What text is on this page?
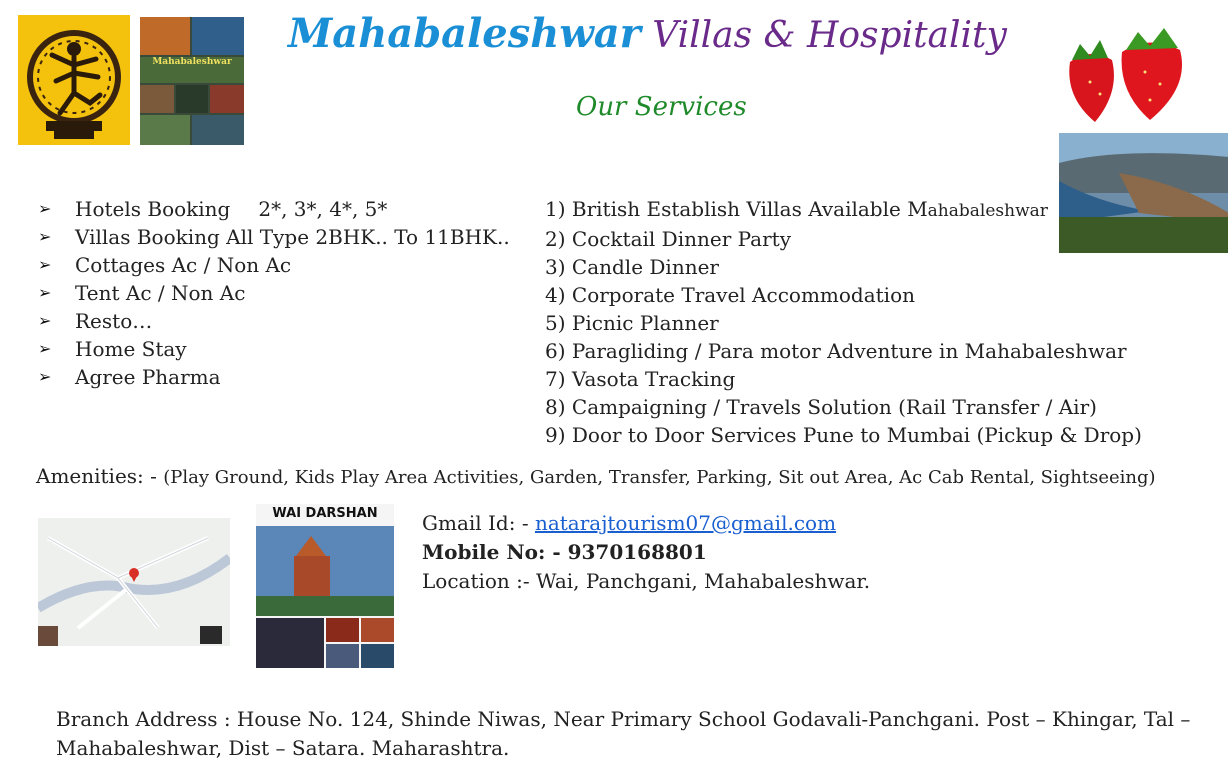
Mahabaleshwar Villas & Hospitality
Our Services
Mahabaleshwar
➢	Hotels Booking 2*, 3*, 4*, 5*
➢	Villas Booking All Type 2BHK.. To 11BHK..
➢	Cottages Ac / Non Ac
➢	Tent Ac / Non Ac
➢	Resto…
➢	Home Stay
➢	Agree Pharma
1) British Establish Villas Available Mahabaleshwar
2) Cocktail Dinner Party
3) Candle Dinner
4) Corporate Travel Accommodation
5) Picnic Planner
6) Paragliding / Para motor Adventure in Mahabaleshwar
7) Vasota Tracking
8) Campaigning / Travels Solution (Rail Transfer / Air)
9) Door to Door Services Pune to Mumbai (Pickup & Drop)
Amenities: - (Play Ground, Kids Play Area Activities, Garden, Transfer, Parking, Sit out Area, Ac Cab Rental, Sightseeing)
WAI DARSHAN	Gmail Id: - natarajtourism07@gmail.com
Mobile No: - 9370168801
Location :- Wai, Panchgani, Mahabaleshwar.
Branch Address : House No. 124, Shinde Niwas, Near Primary School Godavali-Panchgani. Post – Khingar, Tal – Mahabaleshwar, Dist – Satara. Maharashtra.
